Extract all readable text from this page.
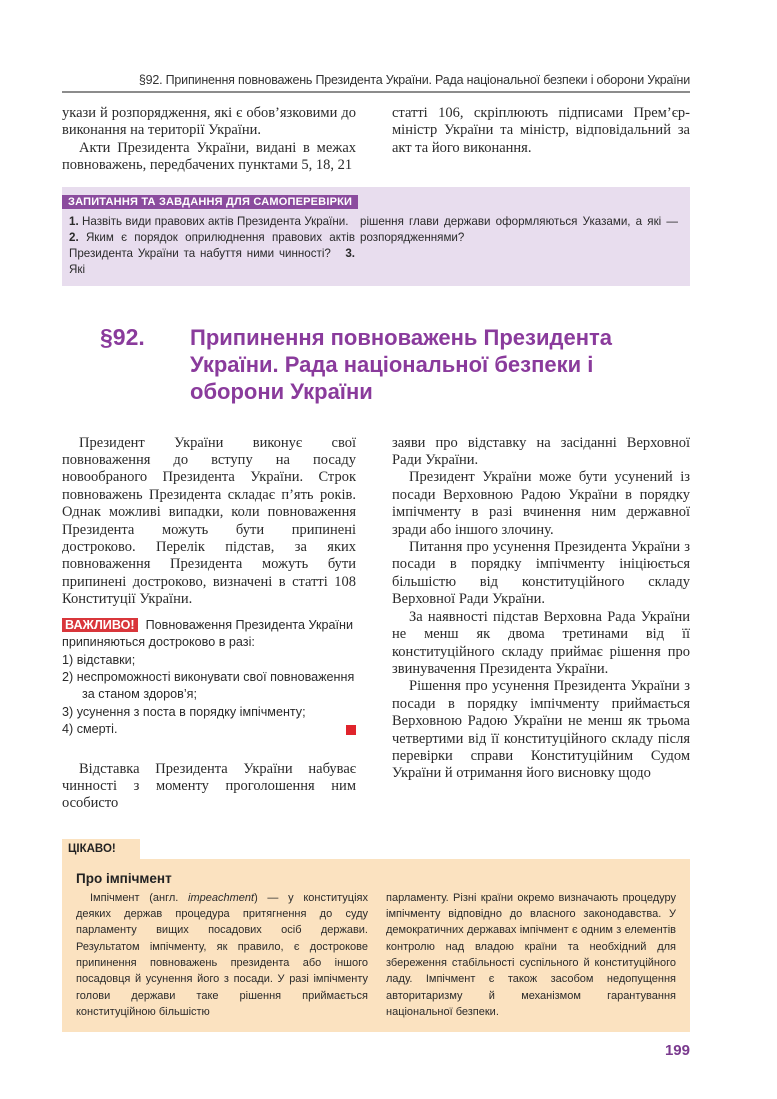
§92. Припинення повноважень Президента України. Рада національної безпеки і оборони України

укази й розпорядження, які є обов’язковими до виконання на території України.

Акти Президента України, видані в межах повноважень, передбачених пунктами 5, 18, 21

статті 106, скріплюють підписами Прем’єр-міністр України та міністр, відповідальний за акт та його виконання.

ЗАПИТАННЯ ТА ЗАВДАННЯ ДЛЯ САМОПЕРЕВІРКИ
1. Назвіть види правових актів Президента України.   2. Яким є порядок оприлюднення правових актів Президента України та набуття ними чинності? 3. Які
рішення глави держави оформляються Указами, а які — розпорядженнями?
§92.	Припинення повноважень Президента України. Рада національної безпеки і оборони України

Президент України виконує свої повноваження до вступу на посаду новообраного Президента України. Строк повноважень Президента складає п’ять років. Однак можливі випадки, коли повноваження Президента можуть бути припинені достроково. Перелік підстав, за яких повноваження Президента можуть бути припинені достроково, визначені в статті 108 Конституції України.

ВАЖЛИВО! Повноваження Президента України припиняються достроково в разі:
1) відставки;
2) неспроможності виконувати свої повноваження за станом здоров’я;
3) усунення з поста в порядку імпічменту;
4) смерті.

Відставка Президента України набуває чинності з моменту проголошення ним особисто

заяви про відставку на засіданні Верховної Ради України.

Президент України може бути усунений із посади Верховною Радою України в порядку імпічменту в разі вчинення ним державної зради або іншого злочину.

Питання про усунення Президента України з посади в порядку імпічменту ініціюється більшістю від конституційного складу Верховної Ради України.

За наявності підстав Верховна Рада України не менш як двома третинами від її конституційного складу приймає рішення про звинувачення Президента України.

Рішення про усунення Президента України з посади в порядку імпічменту приймається Верховною Радою України не менш як трьома четвертими від її конституційного складу після перевірки справи Конституційним Судом України й отримання його висновку щодо

ЦІКАВО!
Про імпічмент
Імпічмент (англ. impeachment) — у конституціях деяких держав процедура притягнення до суду парламенту вищих посадових осіб держави. Результатом імпічменту, як правило, є дострокове припинення повноважень президента або іншого посадовця й усунення його з посади. У разі імпічменту голови держави таке рішення приймається конституційною більшістю
парламенту. Різні країни окремо визначають процедуру імпічменту відповідно до власного законодавства. У демократичних державах імпічмент є одним з елементів контролю над владою країни та необхідний для збереження стабільності суспільного й конституційного ладу. Імпічмент є також засобом недопущення авторитаризму й механізмом гарантування національної безпеки.
199
